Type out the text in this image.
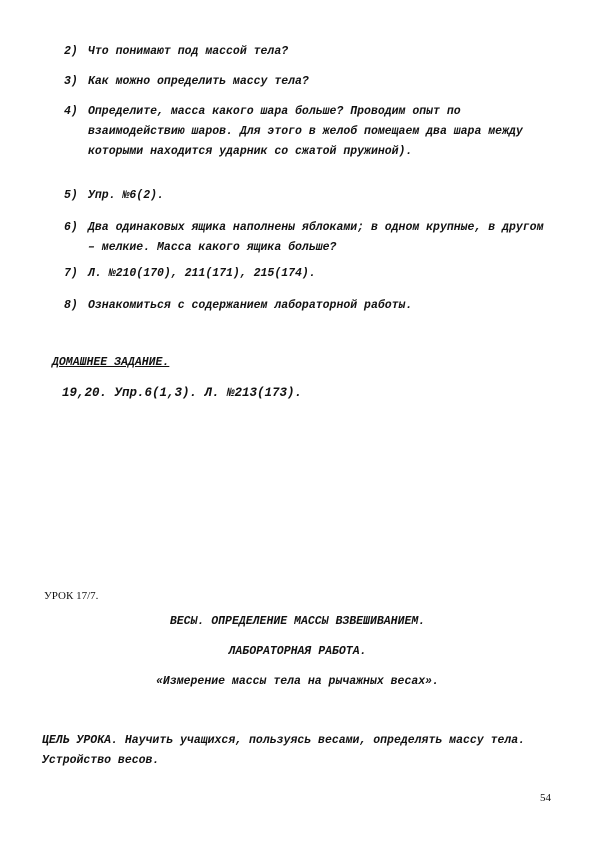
2) Что понимают под массой тела?
3) Как можно определить массу тела?
4) Определите, масса какого шара больше? Проводим опыт по взаимодействию шаров. Для этого в желоб помещаем два шара между которыми находится ударник со сжатой пружиной).
5) Упр. №6(2).
6) Два одинаковых ящика наполнены яблоками; в одном крупные, в другом – мелкие. Масса какого ящика больше?
7) Л. №210(170), 211(171), 215(174).
8) Ознакомиться с содержанием лабораторной работы.
ДОМАШНЕЕ ЗАДАНИЕ.
19,20. Упр.6(1,3). Л. №213(173).
УРОК 17/7.
ВЕСЫ. ОПРЕДЕЛЕНИЕ МАССЫ ВЗВЕШИВАНИЕМ.
ЛАБОРАТОРНАЯ РАБОТА.
«Измерение массы тела на рычажных весах».
ЦЕЛЬ УРОКА. Научить учащихся, пользуясь весами, определять массу тела. Устройство весов.
54
